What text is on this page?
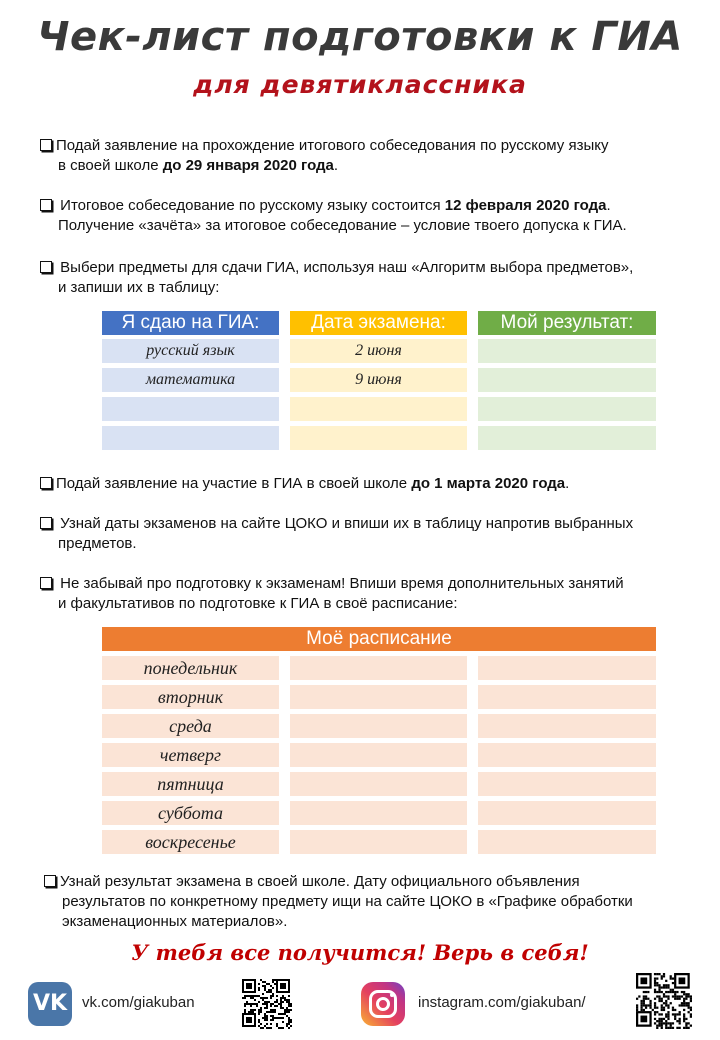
Чек-лист подготовки к ГИА
для девятиклассника
Подай заявление на прохождение итогового собеседования по русскому языку
в своей школе до 29 января 2020 года.
Итоговое собеседование по русскому языку состоится 12 февраля 2020 года.
Получение «зачёта» за итоговое собеседование – условие твоего допуска к ГИА.
Выбери предметы для сдачи ГИА, используя наш «Алгоритм выбора предметов»,
и запиши их в таблицу:
Я сдаю на ГИА:	Дата экзамена:	Мой результат:
русский язык	2 июня
математика	9 июня
Подай заявление на участие в ГИА в своей школе до 1 марта 2020 года.
Узнай даты экзаменов на сайте ЦОКО и впиши их в таблицу напротив выбранных
предметов.
Не забывай про подготовку к экзаменам! Впиши время дополнительных занятий
и факультативов по подготовке к ГИА в своё расписание:
Моё расписание
понедельник
вторник
среда
четверг
пятница
суббота
воскресенье
Узнай результат экзамена в своей школе. Дату официального объявления
результатов по конкретному предмету ищи на сайте ЦОКО в «Графике обработки
экзаменационных материалов».
У тебя все получится! Верь в себя!
VK vk.com/giakuban	instagram.com/giakuban/
